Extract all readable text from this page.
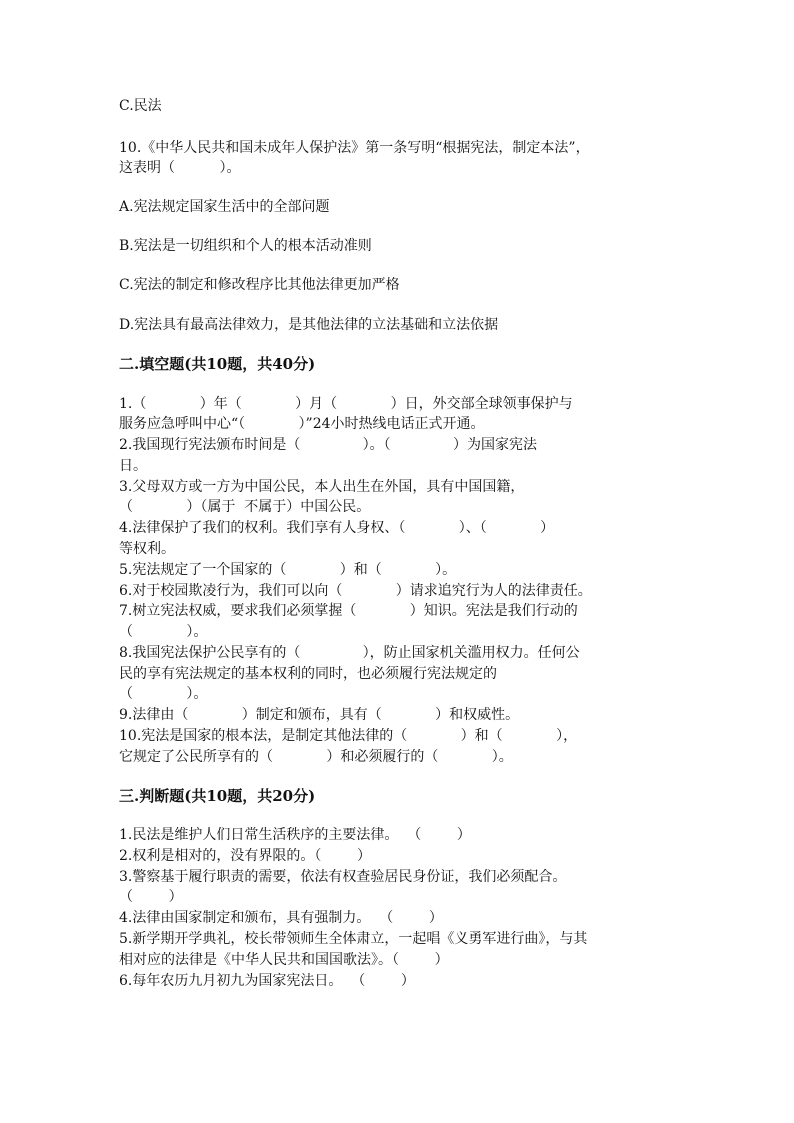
C.民法

10.《中华人民共和国未成年人保护法》第一条写明“根据宪法，制定本法”，

这表明（          ）。

A.宪法规定国家生活中的全部问题

B.宪法是一切组织和个人的根本活动准则

C.宪法的制定和修改程序比其他法律更加严格

D.宪法具有最高法律效力，是其他法律的立法基础和立法依据

二.填空题(共10题，共40分)

1.（            ）年（            ）月（            ）日，外交部全球领事保护与

服务应急呼叫中心“（            ）”24小时热线电话正式开通。

2.我国现行宪法颁布时间是（              ）。（              ）为国家宪法

日。

3.父母双方或一方为中国公民，本人出生在外国，具有中国国籍，

（            ）（属于  不属于）中国公民。

4.法律保护了我们的权利。我们享有人身权、（            ）、（            ）

等权利。

5.宪法规定了一个国家的（            ）和（            ）。

6.对于校园欺凌行为，我们可以向（            ）请求追究行为人的法律责任。

7.树立宪法权威，要求我们必须掌握（            ）知识。宪法是我们行动的

（            ）。

8.我国宪法保护公民享有的（              ），防止国家机关滥用权力。任何公

民的享有宪法规定的基本权利的同时，也必须履行宪法规定的

（            ）。

9.法律由（            ）制定和颁布，具有（            ）和权威性。

10.宪法是国家的根本法，是制定其他法律的（            ）和（            ），

它规定了公民所享有的（            ）和必须履行的（            ）。

三.判断题(共10题，共20分)

1.民法是维护人们日常生活秩序的主要法律。  （        ）

2.权利是相对的，没有界限的。（        ）

3.警察基于履行职责的需要，依法有权查验居民身份证，我们必须配合。

（        ）

4.法律由国家制定和颁布，具有强制力。  （        ）

5.新学期开学典礼，校长带领师生全体肃立，一起唱《义勇军进行曲》，与其

相对应的法律是《中华人民共和国国歌法》。（        ）

6.每年农历九月初九为国家宪法日。  （        ）
